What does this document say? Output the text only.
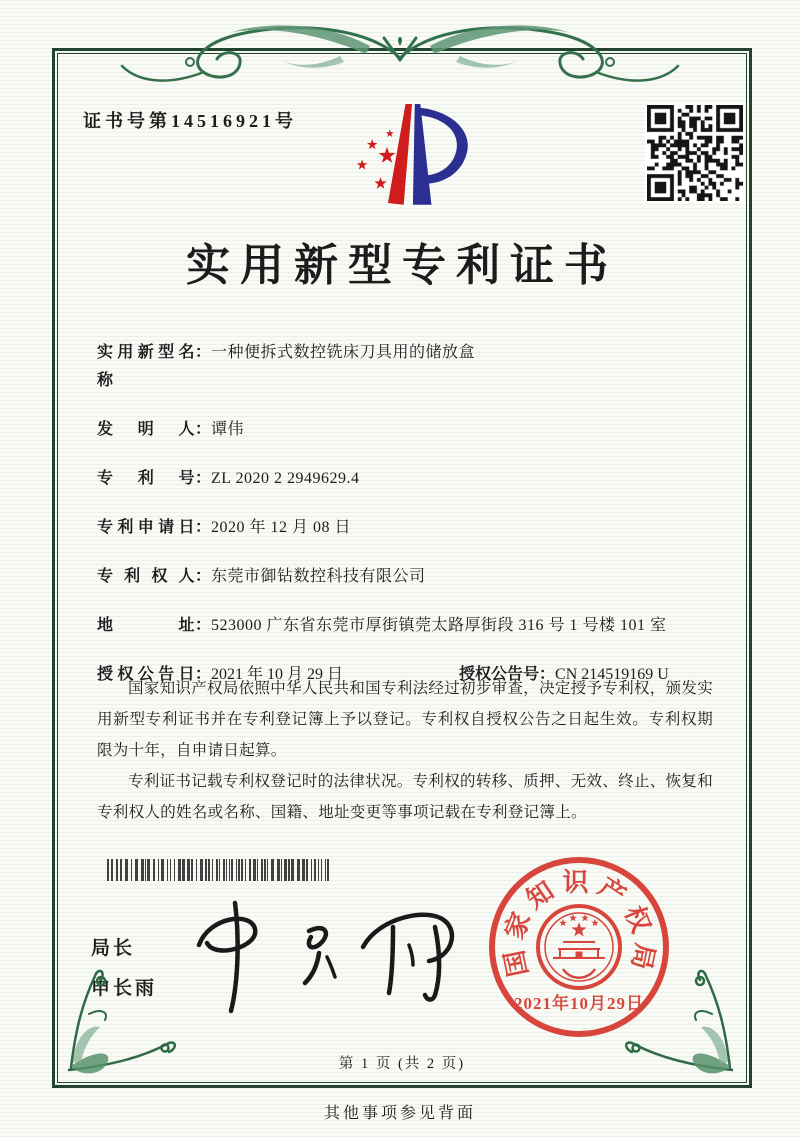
证书号第14516921号
实用新型专利证书
实用新型名称
： 一种便拆式数控铣床刀具用的储放盒
发明人 ： 谭伟
专利号 ： ZL 2020 2 2949629.4
专利申请日 ： 2020 年 12 月 08 日
专利权人 ： 东莞市御钻数控科技有限公司
地址 ： 523000 广东省东莞市厚街镇莞太路厚街段 316 号 1 号楼 101 室
授权公告日 ： 2021 年 10 月 29 日	授权公告号 ： CN 214519169 U

国家知识产权局依照中华人民共和国专利法经过初步审查，决定授予专利权，颁发实用新型专利证书并在专利登记簿上予以登记。专利权自授权公告之日起生效。专利权期限为十年，自申请日起算。

专利证书记载专利权登记时的法律状况。专利权的转移、质押、无效、终止、恢复和专利权人的姓名或名称、国籍、地址变更等事项记载在专利登记簿上。

局长
申长雨
国家知识产权局
2021年10月29日
第 1 页 (共 2 页)
其他事项参见背面
